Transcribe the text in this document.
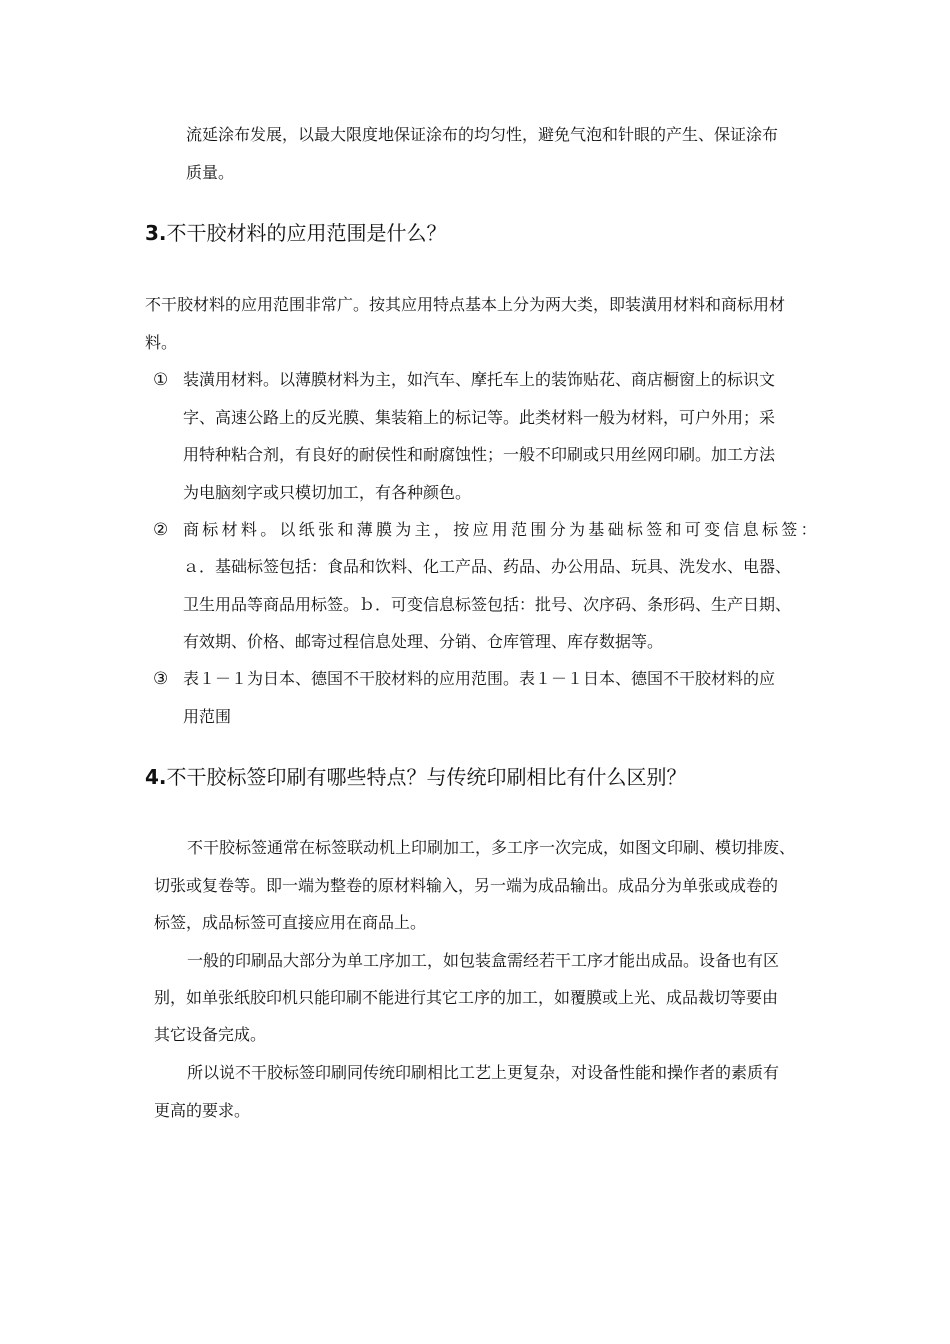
流延涂布发展，以最大限度地保证涂布的均匀性，避免气泡和针眼的产生、保证涂布
质量。
3.不干胶材料的应用范围是什么？
不干胶材料的应用范围非常广。按其应用特点基本上分为两大类，即装潢用材料和商标用材
料。
① 装潢用材料。以薄膜材料为主，如汽车、摩托车上的装饰贴花、商店橱窗上的标识文
字、高速公路上的反光膜、集装箱上的标记等。此类材料一般为材料，可户外用；采
用特种粘合剂，有良好的耐侯性和耐腐蚀性；一般不印刷或只用丝网印刷。加工方法
为电脑刻字或只模切加工，有各种颜色。
② 商标材料。以纸张和薄膜为主，按应用范围分为基础标签和可变信息标签：
ａ．基础标签包括：食品和饮料、化工产品、药品、办公用品、玩具、洗发水、电器、
卫生用品等商品用标签。ｂ．可变信息标签包括：批号、次序码、条形码、生产日期、
有效期、价格、邮寄过程信息处理、分销、仓库管理、库存数据等。
③ 表１－１为日本、德国不干胶材料的应用范围。表１－１日本、德国不干胶材料的应
用范围
4.不干胶标签印刷有哪些特点？与传统印刷相比有什么区别？
不干胶标签通常在标签联动机上印刷加工，多工序一次完成，如图文印刷、模切排废、
切张或复卷等。即一端为整卷的原材料输入，另一端为成品输出。成品分为单张或成卷的
标签，成品标签可直接应用在商品上。
一般的印刷品大部分为单工序加工，如包装盒需经若干工序才能出成品。设备也有区
别，如单张纸胶印机只能印刷不能进行其它工序的加工，如覆膜或上光、成品裁切等要由
其它设备完成。
所以说不干胶标签印刷同传统印刷相比工艺上更复杂，对设备性能和操作者的素质有
更高的要求。
